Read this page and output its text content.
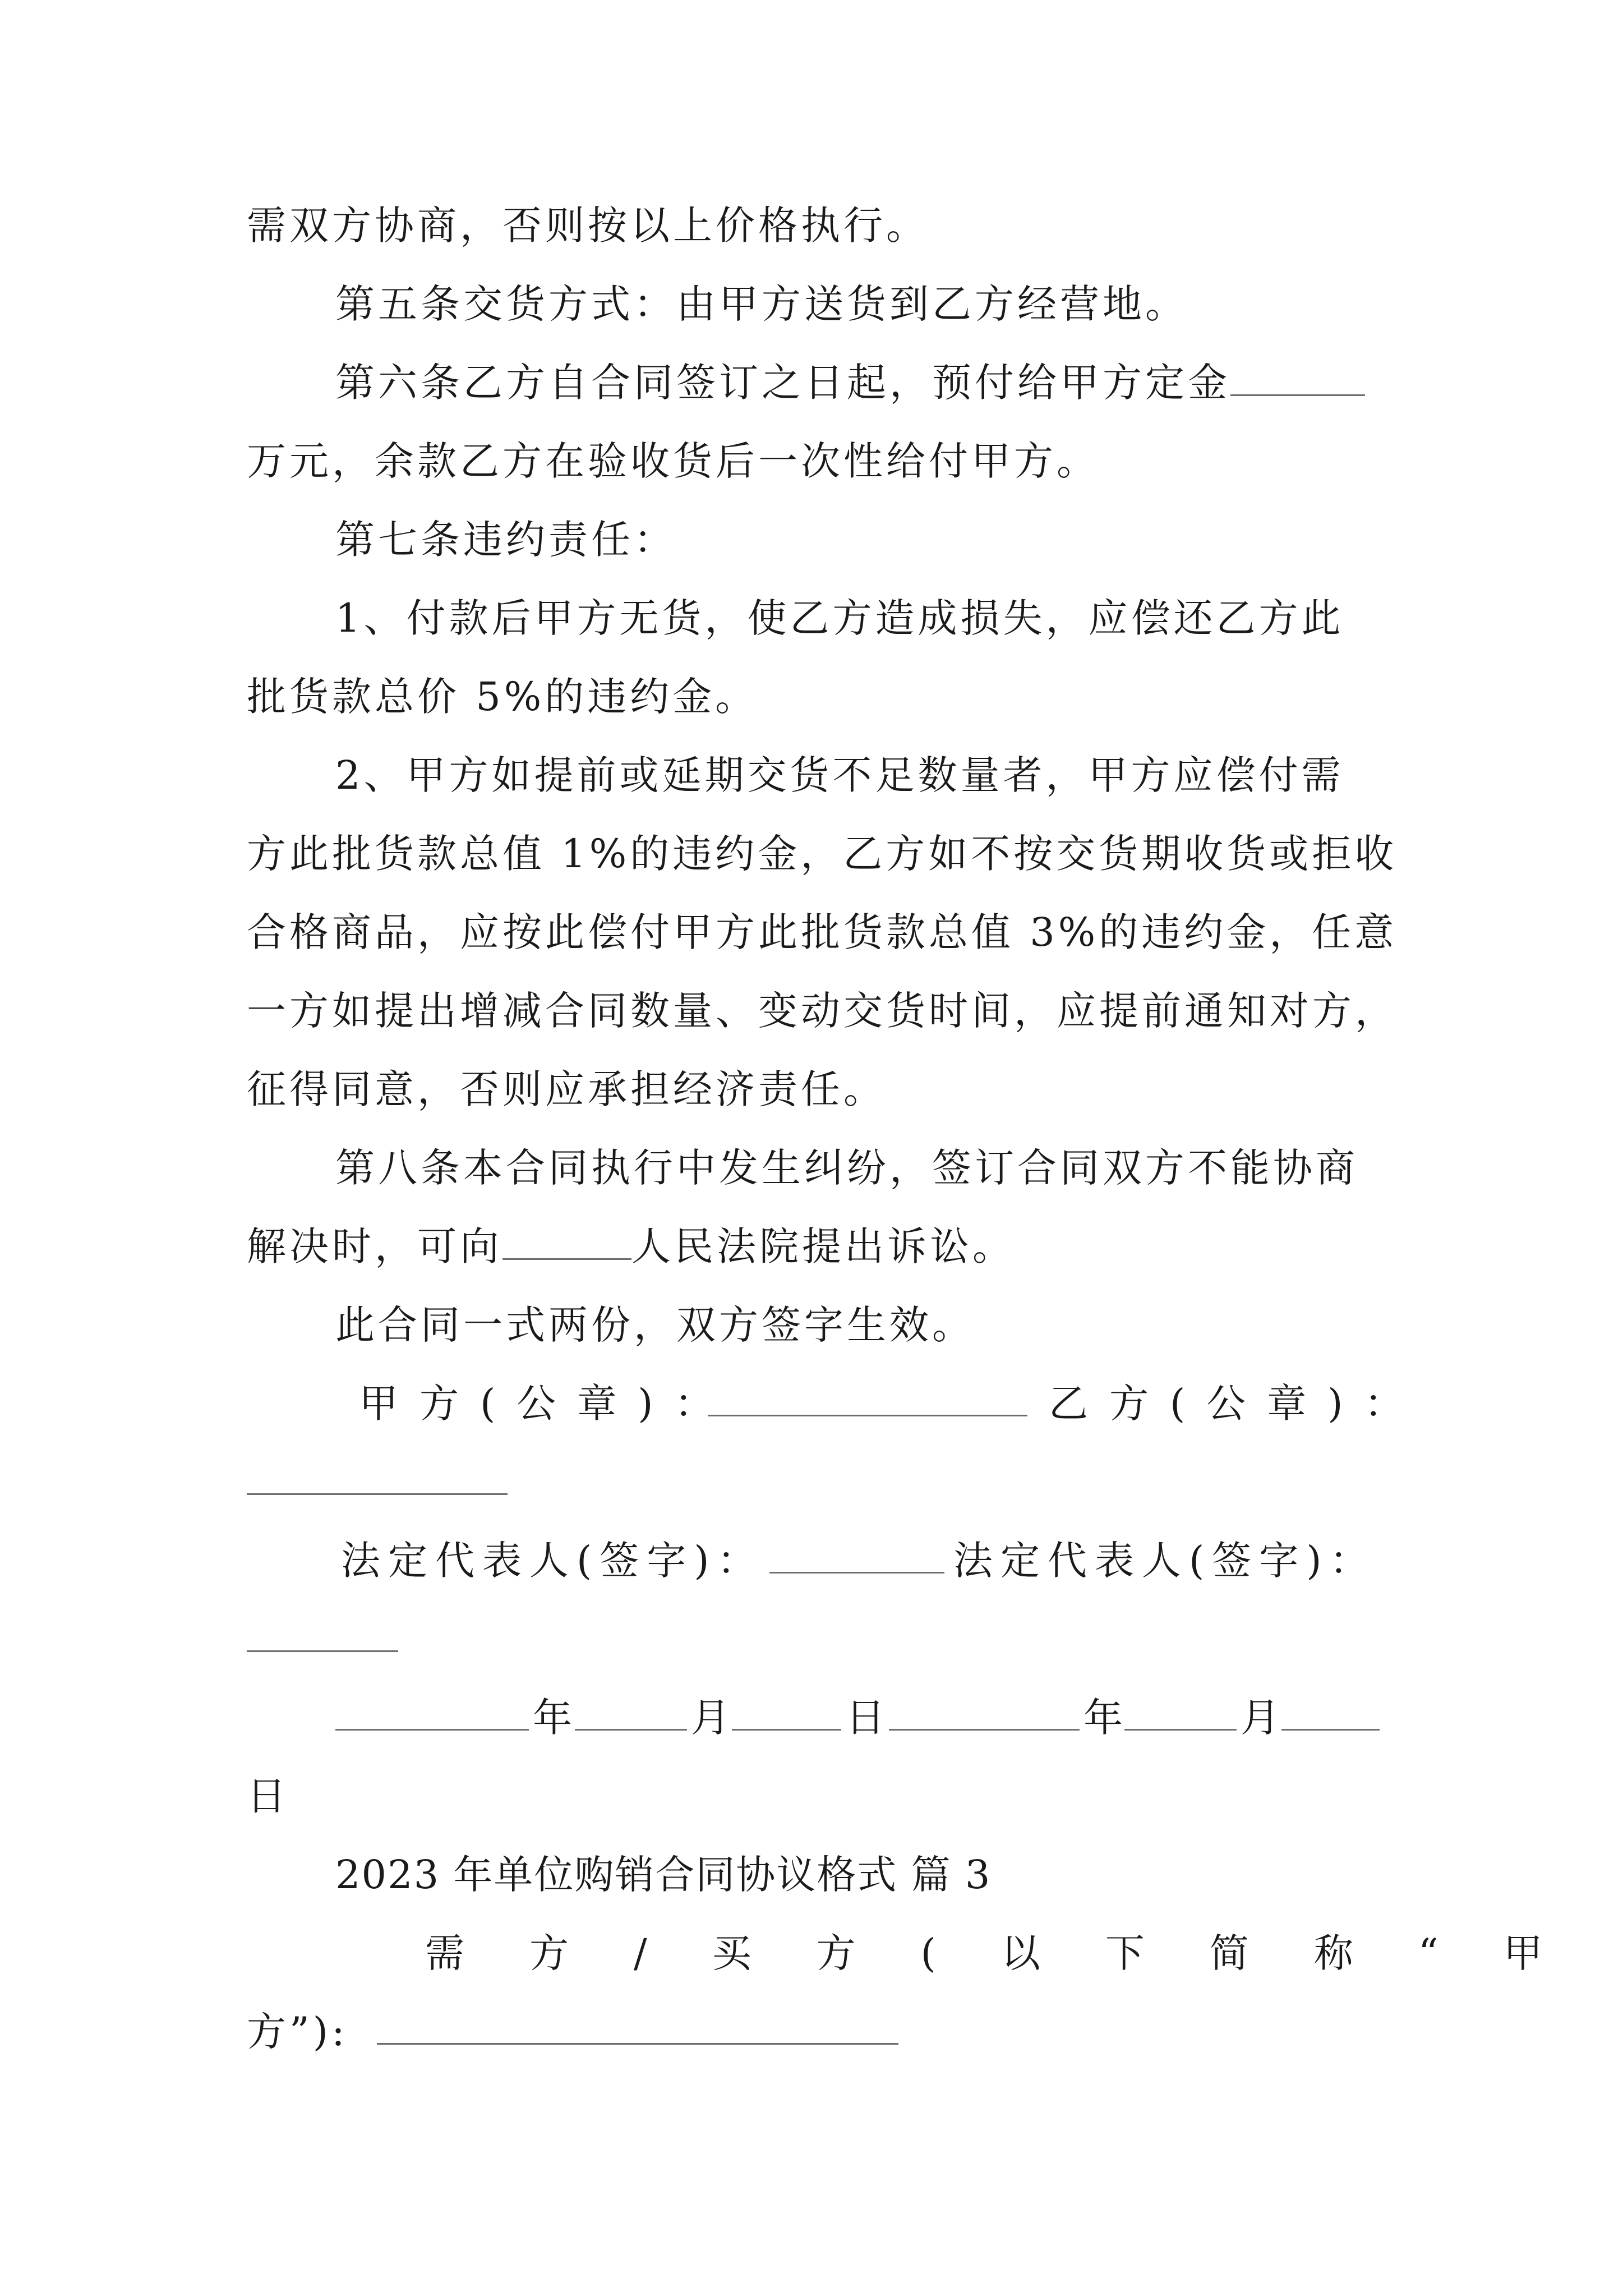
需双方协商，否则按以上价格执行。
第五条交货方式：由甲方送货到乙方经营地。
第六条乙方自合同签订之日起，预付给甲方定金
万元，余款乙方在验收货后一次性给付甲方。
第七条违约责任：
1、付款后甲方无货，使乙方造成损失，应偿还乙方此
批货款总价 5%的违约金。
2、甲方如提前或延期交货不足数量者，甲方应偿付需
方此批货款总值 1%的违约金，乙方如不按交货期收货或拒收
合格商品，应按此偿付甲方此批货款总值 3%的违约金，任意
一方如提出增减合同数量、变动交货时间，应提前通知对方，
征得同意，否则应承担经济责任。
第八条本合同执行中发生纠纷，签订合同双方不能协商
解决时，可向	人民法院提出诉讼。
此合同一式两份，双方签字生效。
甲方(公章)：	乙方(公章)：
法定代表人(签字)：	法定代表人(签字)：
年	月	日	年	月
日
2023 年单位购销合同协议格式 篇 3
需方/买方(以下简称“甲
方”):
